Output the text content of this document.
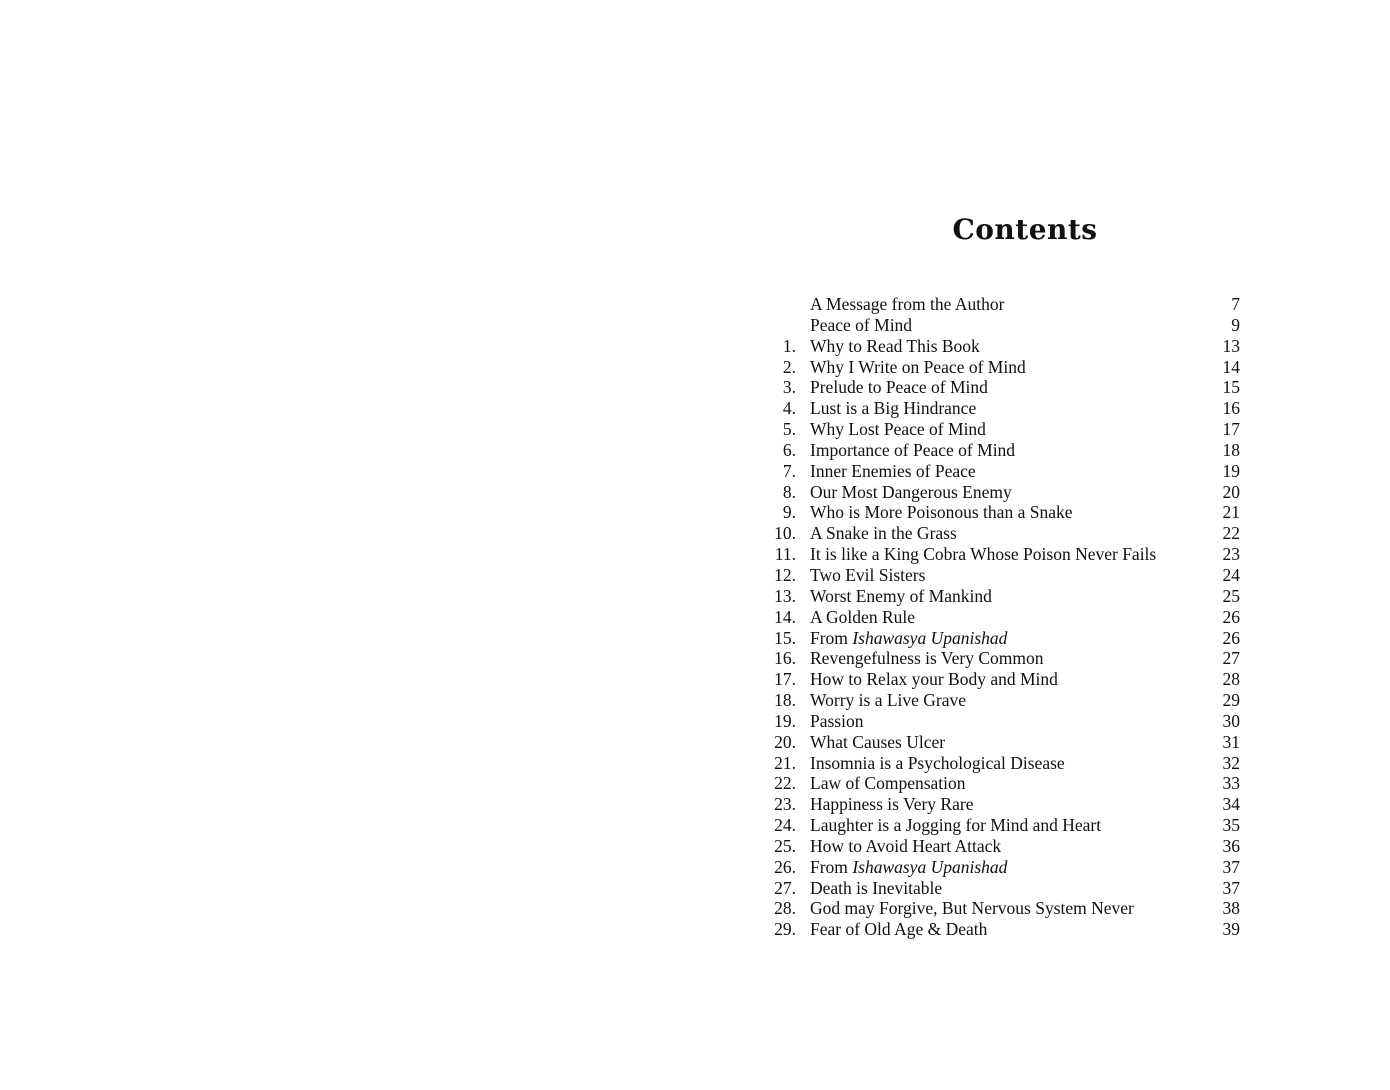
Contents
A Message from the Author	7
Peace of Mind	9
1. Why to Read This Book	13
2. Why I Write on Peace of Mind	14
3. Prelude to Peace of Mind	15
4. Lust is a Big Hindrance	16
5. Why Lost Peace of Mind	17
6. Importance of Peace of Mind	18
7. Inner Enemies of Peace	19
8. Our Most Dangerous Enemy	20
9. Who is More Poisonous than a Snake	21
10. A Snake in the Grass	22
11. It is like a King Cobra Whose Poison Never Fails	23
12. Two Evil Sisters	24
13. Worst Enemy of Mankind	25
14. A Golden Rule	26
15. From Ishawasya Upanishad	26
16. Revengefulness is Very Common	27
17. How to Relax your Body and Mind	28
18. Worry is a Live Grave	29
19. Passion	30
20. What Causes Ulcer	31
21. Insomnia is a Psychological Disease	32
22. Law of Compensation	33
23. Happiness is Very Rare	34
24. Laughter is a Jogging for Mind and Heart	35
25. How to Avoid Heart Attack	36
26. From Ishawasya Upanishad	37
27. Death is Inevitable	37
28. God may Forgive, But Nervous System Never	38
29. Fear of Old Age & Death	39
